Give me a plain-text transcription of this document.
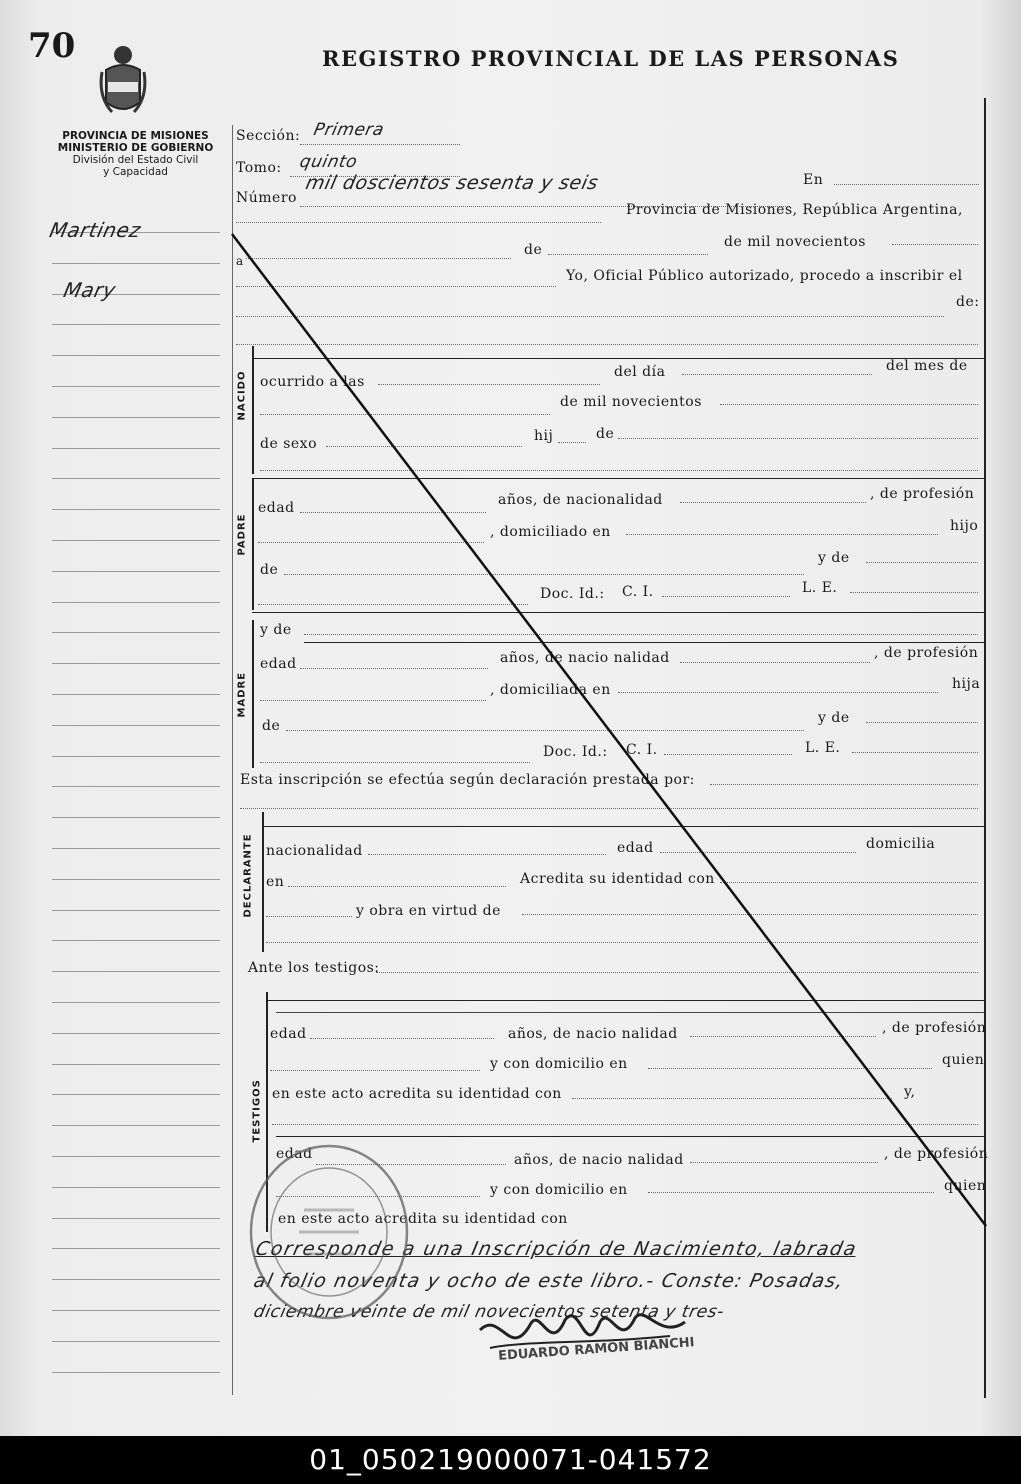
70	REGISTRO PROVINCIAL DE LAS PERSONAS
PROVINCIA DE MISIONES
MINISTERIO DE GOBIERNO
División del Estado Civil
y Capacidad
Martinez
Mary
Sección: Primera
Tomo: quinto
Número
mil doscientos sesenta y seis	En
Provincia de Misiones, República Argentina,
a
de	de mil novecientos
Yo, Oficial Público autorizado, procedo a inscribir el
de:
NACIDO ocurrido a las
del día	del mes de
de mil novecientos
de sexo	hij	de
PADRE
edad	años, de nacionalidad	, de profesión
, domiciliado en	hijo
de
y de
Doc. Id.: C. I.	L. E.
MADRE
y de
edad	años, de nacio nalidad	, de profesión
, domiciliada en	hija
de	y de
Doc. Id.: C. I.	L. E.
Esta inscripción se efectúa según declaración prestada por:
DECLARANTE nacionalidad	edad	domicilia
en	Acredita su identidad con
y obra en virtud de
Ante los testigos:
TESTIGOS
edad	años, de nacio nalidad	, de profesión
y con domicilio en	quien
en este acto acredita su identidad con	y,
edad	años, de nacio nalidad	, de profesión
y con domicilio en	quien
en este acto acredita su identidad con
Corresponde a una Inscripción de Nacimiento, labrada
al folio noventa y ocho de este libro.- Conste: Posadas,
diciembre veinte de mil novecientos setenta y tres-
EDUARDO RAMON BIANCHI
01_050219000071-041572
